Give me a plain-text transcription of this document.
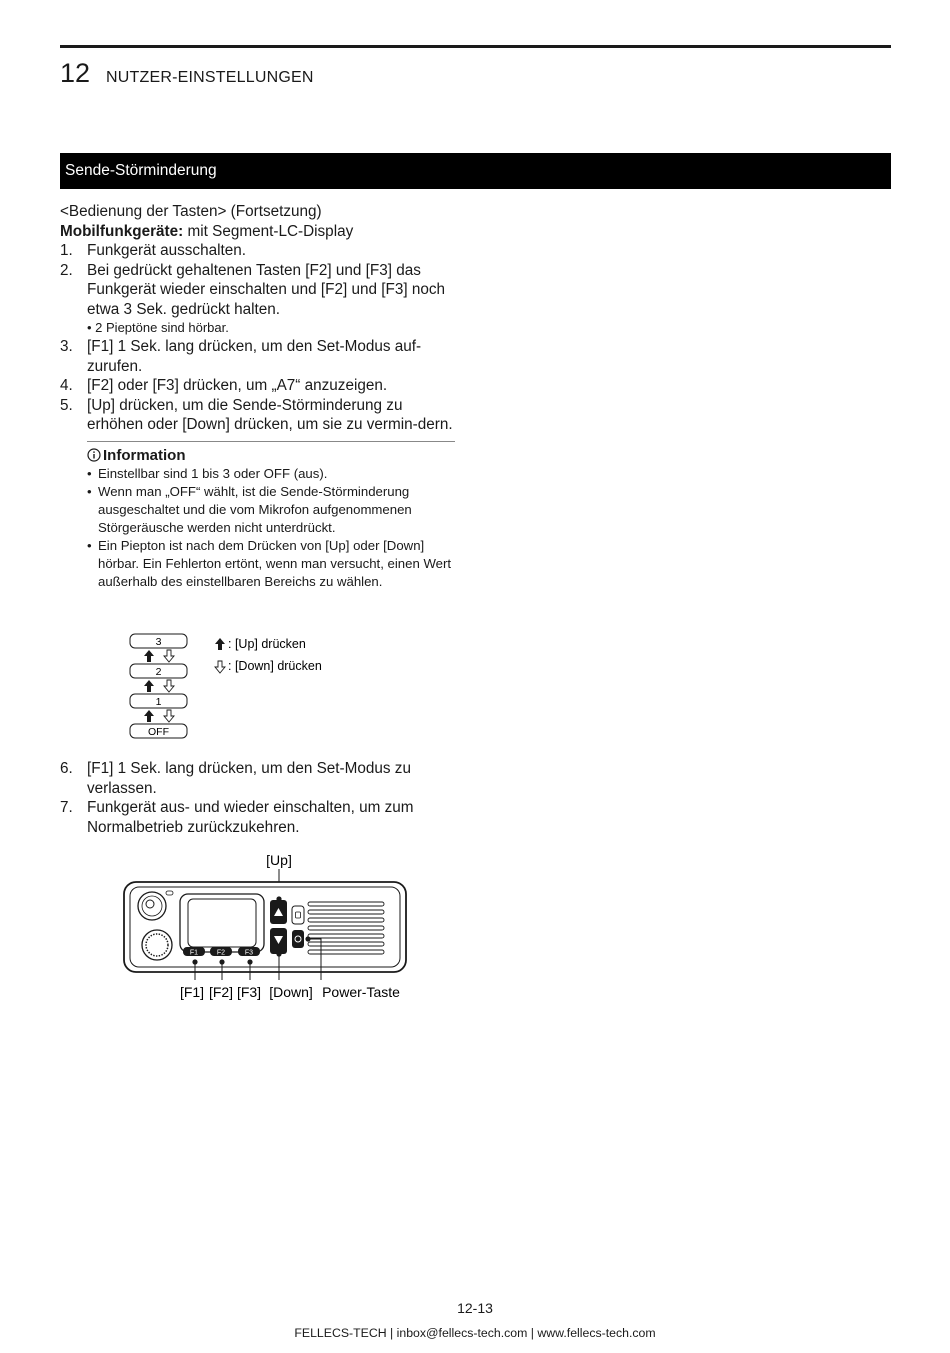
12 NUTZER-EINSTELLUNGEN
Sende-Störminderung

<Bedienung der Tasten> (Fortsetzung)

Mobilfunkgeräte: mit Segment-LC-Display

1. Funkgerät ausschalten.
2. Bei gedrückt gehaltenen Tasten [F2] und [F3] das Funkgerät wieder einschalten und [F2] und [F3] noch etwa 3 Sek. gedrückt halten.
• 2 Pieptöne sind hörbar.
3. [F1] 1 Sek. lang drücken, um den Set-Modus auf-zurufen.
4. [F2] oder [F3] drücken, um „A7“ anzuzeigen.
5. [Up] drücken, um die Sende-Störminderung zu erhöhen oder [Down] drücken, um sie zu vermin-dern.
Information
• Einstellbar sind 1 bis 3 oder OFF (aus).
• Wenn man „OFF“ wählt, ist die Sende-Störminderung ausgeschaltet und die vom Mikrofon aufgenommenen Störgeräusche werden nicht unterdrückt.
• Ein Piepton ist nach dem Drücken von [Up] oder [Down] hörbar. Ein Fehlerton ertönt, wenn man versucht, einen Wert außerhalb des einstellbaren Bereichs zu wählen.
3
2
1
OFF
: [Up] drücken
: [Down] drücken
6. [F1] 1 Sek. lang drücken, um den Set-Modus zu verlassen.
7. Funkgerät aus- und wieder einschalten, um zum Normalbetrieb zurückzukehren.
[Up]
F1	F2	F3
[F1] [F2] [F3] [Down] Power-Taste
12-13
FELLECS-TECH | inbox@fellecs-tech.com | www.fellecs-tech.com
